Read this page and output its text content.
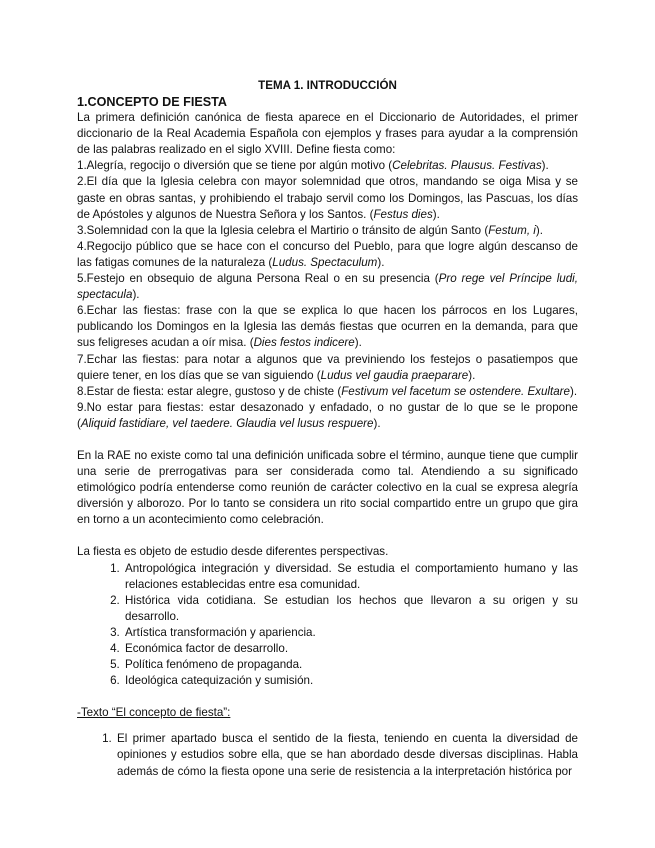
TEMA 1. INTRODUCCIÓN

1.CONCEPTO DE FIESTA

La primera definición canónica de fiesta aparece en el Diccionario de Autoridades, el primer diccionario de la Real Academia Española con ejemplos y frases para ayudar a la comprensión de las palabras realizado en el siglo XVIII. Define fiesta como:

1.Alegría, regocijo o diversión que se tiene por algún motivo (Celebritas. Plausus. Festivas).

2.El día que la Iglesia celebra con mayor solemnidad que otros, mandando se oiga Misa y se gaste en obras santas, y prohibiendo el trabajo servil como los Domingos, las Pascuas, los días de Apóstoles y algunos de Nuestra Señora y los Santos. (Festus dies).

3.Solemnidad con la que la Iglesia celebra el Martirio o tránsito de algún Santo (Festum, i).

4.Regocijo público que se hace con el concurso del Pueblo, para que logre algún descanso de las fatigas comunes de la naturaleza (Ludus. Spectaculum).

5.Festejo en obsequio de alguna Persona Real o en su presencia (Pro rege vel Príncipe ludi, spectacula).

6.Echar las fiestas: frase con la que se explica lo que hacen los párrocos en los Lugares, publicando los Domingos en la Iglesia las demás fiestas que ocurren en la demanda, para que sus feligreses acudan a oír misa. (Dies festos indicere).

7.Echar las fiestas: para notar a algunos que va previniendo los festejos o pasatiempos que quiere tener, en los días que se van siguiendo (Ludus vel gaudia praeparare).

8.Estar de fiesta: estar alegre, gustoso y de chiste (Festivum vel facetum se ostendere. Exultare).

9.No estar para fiestas: estar desazonado y enfadado, o no gustar de lo que se le propone (Aliquid fastidiare, vel taedere. Glaudia vel lusus respuere).

En la RAE no existe como tal una definición unificada sobre el término, aunque tiene que cumplir una serie de prerrogativas para ser considerada como tal. Atendiendo a su significado etimológico podría entenderse como reunión de carácter colectivo en la cual se expresa alegría diversión y alborozo. Por lo tanto se considera un rito social compartido entre un grupo que gira en torno a un acontecimiento como celebración.

La fiesta es objeto de estudio desde diferentes perspectivas.

1. Antropológica integración y diversidad. Se estudia el comportamiento humano y las relaciones establecidas entre esa comunidad.
2. Histórica vida cotidiana. Se estudian los hechos que llevaron a su origen y su desarrollo.
3. Artística transformación y apariencia.
4. Económica factor de desarrollo.
5. Política fenómeno de propaganda.
6. Ideológica catequización y sumisión.

-Texto “El concepto de fiesta”:

1. El primer apartado busca el sentido de la fiesta, teniendo en cuenta la diversidad de opiniones y estudios sobre ella, que se han abordado desde diversas disciplinas. Habla además de cómo la fiesta opone una serie de resistencia a la interpretación histórica por
